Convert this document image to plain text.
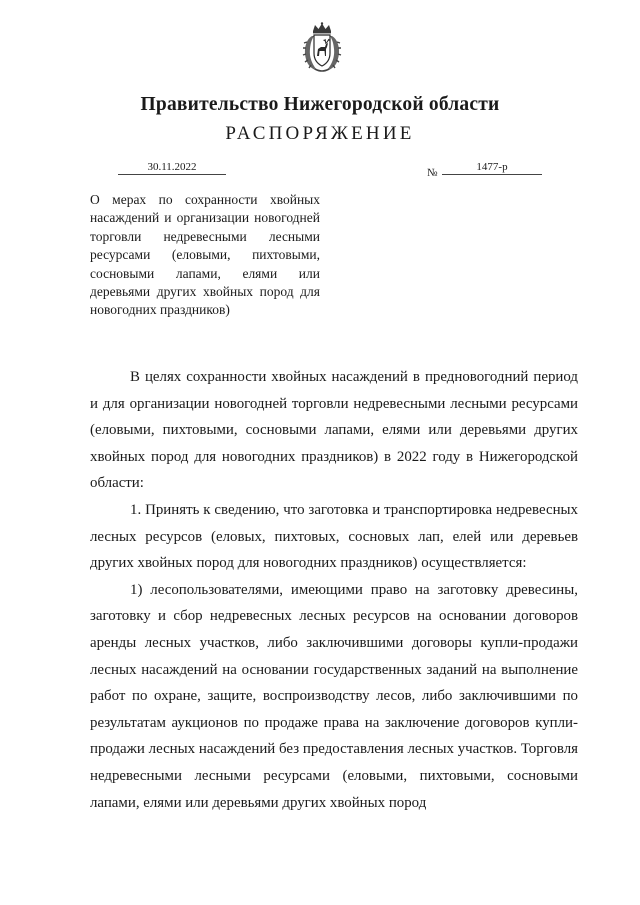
Правительство Нижегородской области
РАСПОРЯЖЕНИЕ
30.11.2022	№	1477-р
О мерах по сохранности хвойных насаждений и организации новогодней торговли недревесными лесными ресурсами (еловыми, пихтовыми, сосновыми лапами, елями или деревьями других хвойных пород для новогодних праздников)

В целях сохранности хвойных насаждений в предновогодний период и для организации новогодней торговли недревесными лесными ресурсами (еловыми, пихтовыми, сосновыми лапами, елями или деревьями других хвойных пород для новогодних праздников) в 2022 году в Нижегородской области:

1. Принять к сведению, что заготовка и транспортировка недревесных лесных ресурсов (еловых, пихтовых, сосновых лап, елей или деревьев других хвойных пород для новогодних праздников) осуществляется:

1) лесопользователями, имеющими право на заготовку древесины, заготовку и сбор недревесных лесных ресурсов на основании договоров аренды лесных участков, либо заключившими договоры купли-продажи лесных насаждений на основании государственных заданий на выполнение работ по охране, защите, воспроизводству лесов, либо заключившими по результатам аукционов по продаже права на заключение договоров купли-продажи лесных насаждений без предоставления лесных участков. Торговля недревесными лесными ресурсами (еловыми, пихтовыми, сосновыми лапами, елями или деревьями других хвойных пород
